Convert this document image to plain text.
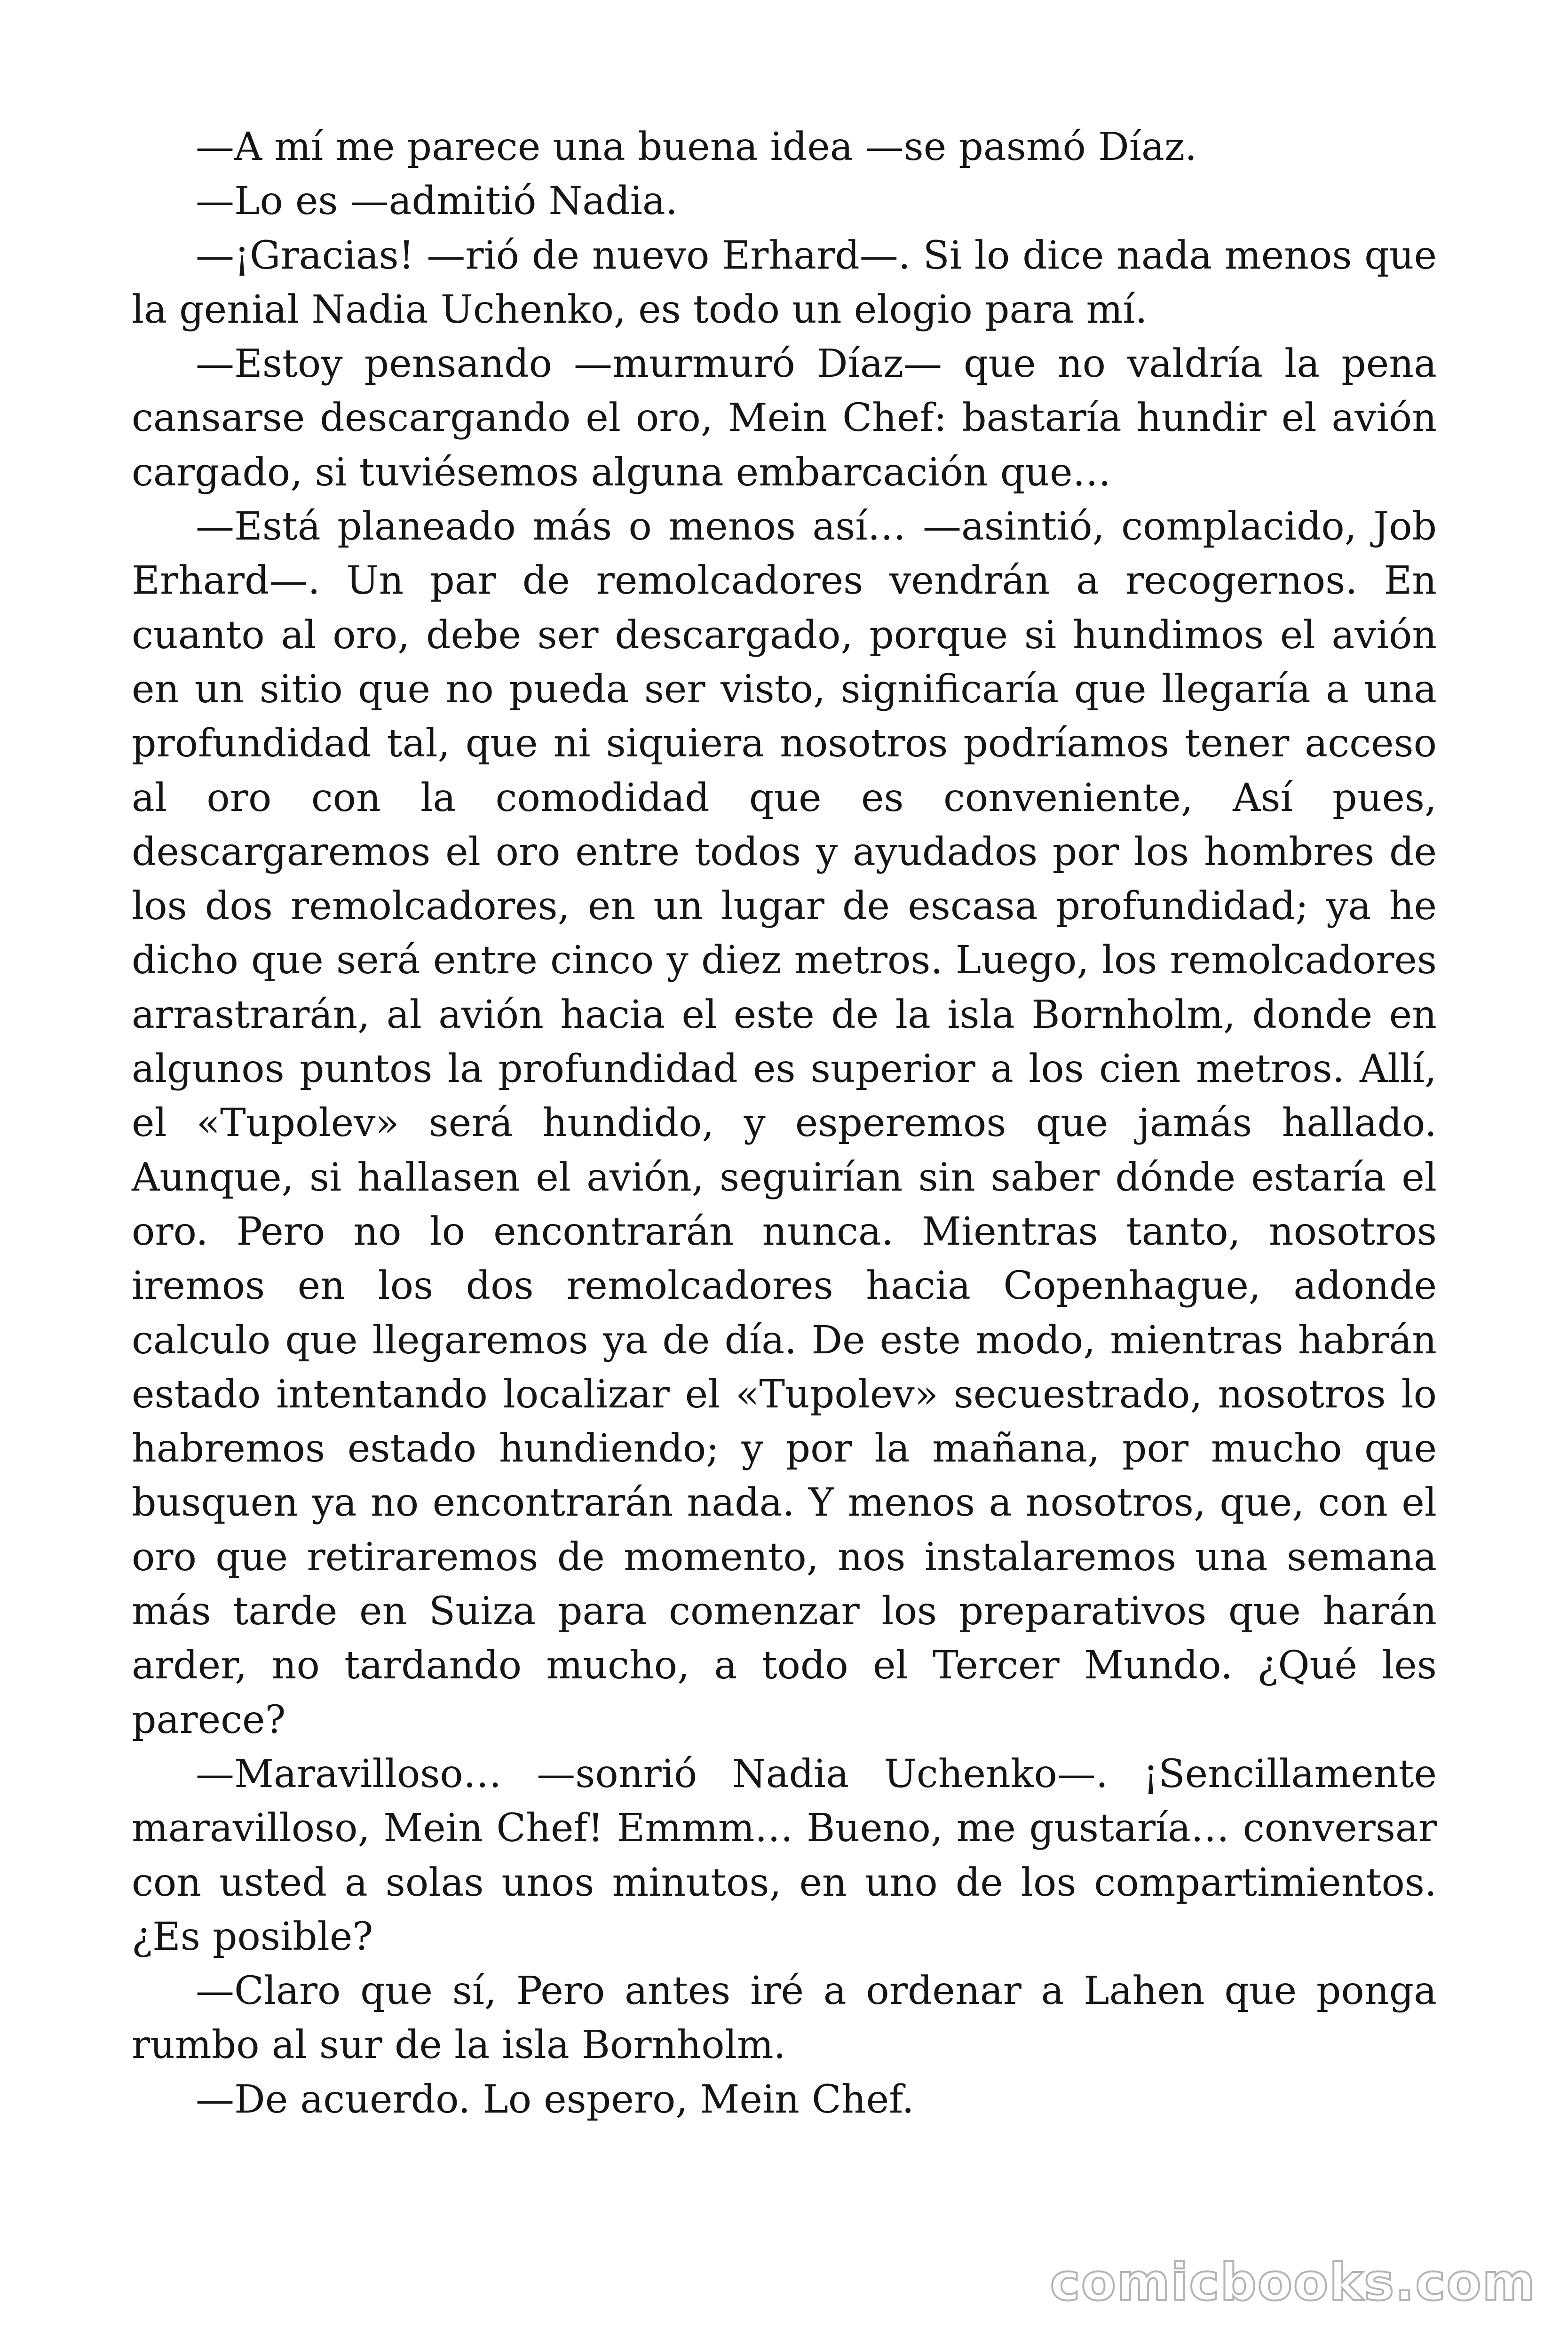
—A mí me parece una buena idea —se pasmó Díaz.

—Lo es —admitió Nadia.

—¡Gracias! —rió de nuevo Erhard—. Si lo dice nada menos que la genial Nadia Uchenko, es todo un elogio para mí.

—Estoy pensando —murmuró Díaz— que no valdría la pena cansarse descargando el oro, Mein Chef: bastaría hundir el avión cargado, si tuviésemos alguna embarcación que…

—Está planeado más o menos así… —asintió, complacido, Job Erhard—. Un par de remolcadores vendrán a recogernos. En cuanto al oro, debe ser descargado, porque si hundimos el avión en un sitio que no pueda ser visto, significaría que llegaría a una profundidad tal, que ni siquiera nosotros podríamos tener acceso al oro con la comodidad que es conveniente, Así pues, descargaremos el oro entre todos y ayudados por los hombres de los dos remolcadores, en un lugar de escasa profundidad; ya he dicho que será entre cinco y diez metros. Luego, los remolcadores arrastrarán, al avión hacia el este de la isla Bornholm, donde en algunos puntos la profundidad es superior a los cien metros. Allí, el «Tupolev» será hundido, y esperemos que jamás hallado. Aunque, si hallasen el avión, seguirían sin saber dónde estaría el oro. Pero no lo encontrarán nunca. Mientras tanto, nosotros iremos en los dos remolcadores hacia Copenhague, adonde calculo que llegaremos ya de día. De este modo, mientras habrán estado intentando localizar el «Tupolev» secuestrado, nosotros lo habremos estado hundiendo; y por la mañana, por mucho que busquen ya no encontrarán nada. Y menos a nosotros, que, con el oro que retiraremos de momento, nos instalaremos una semana más tarde en Suiza para comenzar los preparativos que harán arder, no tardando mucho, a todo el Tercer Mundo. ¿Qué les parece?

—Maravilloso… —sonrió Nadia Uchenko—. ¡Sencillamente maravilloso, Mein Chef! Emmm… Bueno, me gustaría… conversar con usted a solas unos minutos, en uno de los compartimientos. ¿Es posible?

—Claro que sí, Pero antes iré a ordenar a Lahen que ponga rumbo al sur de la isla Bornholm.

—De acuerdo. Lo espero, Mein Chef.

comicbooks.com
